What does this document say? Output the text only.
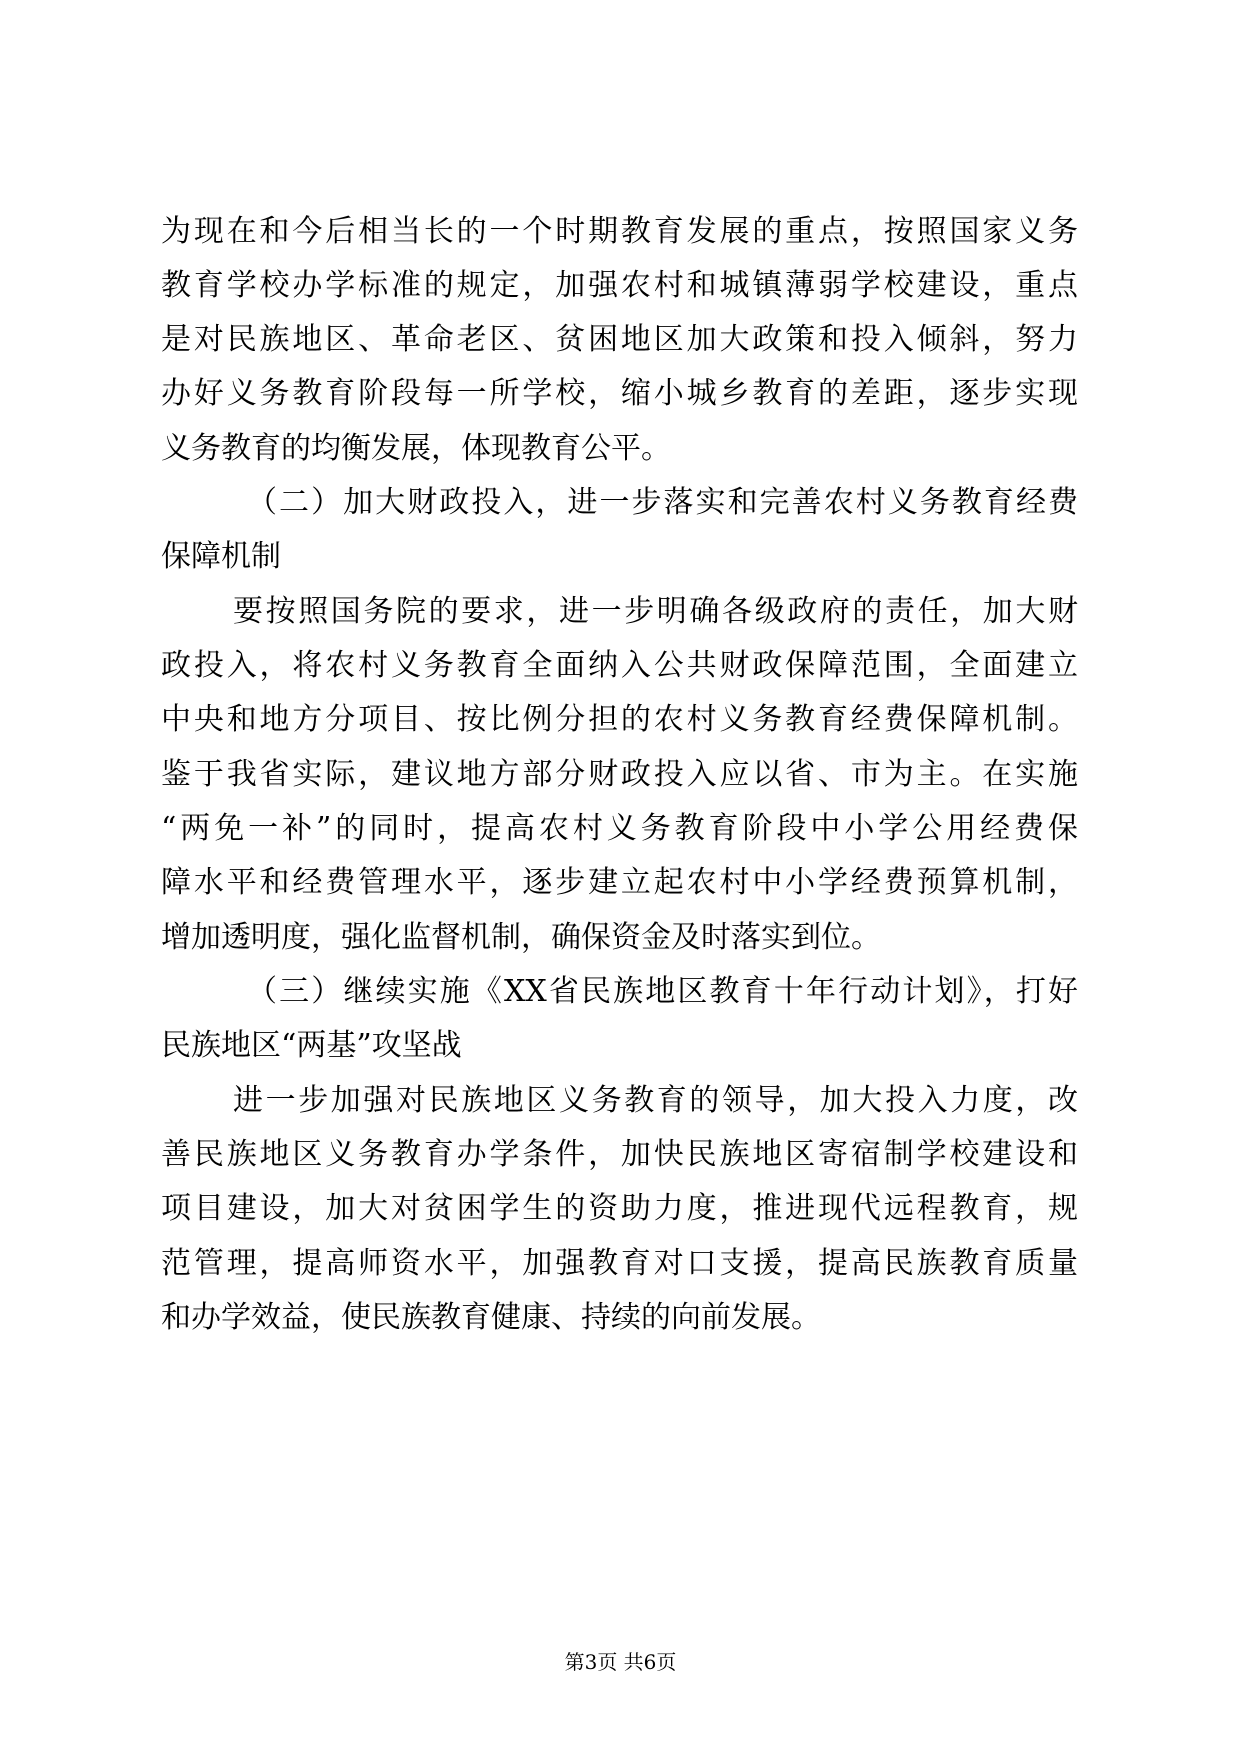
为现在和今后相当长的一个时期教育发展的重点，按照国家义务
教育学校办学标准的规定，加强农村和城镇薄弱学校建设，重点
是对民族地区、革命老区、贫困地区加大政策和投入倾斜，努力
办好义务教育阶段每一所学校，缩小城乡教育的差距，逐步实现
义务教育的均衡发展，体现教育公平。
（二）加大财政投入，进一步落实和完善农村义务教育经费
保障机制
要按照国务院的要求，进一步明确各级政府的责任，加大财
政投入，将农村义务教育全面纳入公共财政保障范围，全面建立
中央和地方分项目、按比例分担的农村义务教育经费保障机制。
鉴于我省实际，建议地方部分财政投入应以省、市为主。在实施
“两免一补”的同时，提高农村义务教育阶段中小学公用经费保
障水平和经费管理水平，逐步建立起农村中小学经费预算机制，
增加透明度，强化监督机制，确保资金及时落实到位。
（三）继续实施《XX省民族地区教育十年行动计划》，打好
民族地区“两基”攻坚战
进一步加强对民族地区义务教育的领导，加大投入力度，改
善民族地区义务教育办学条件，加快民族地区寄宿制学校建设和
项目建设，加大对贫困学生的资助力度，推进现代远程教育，规
范管理，提高师资水平，加强教育对口支援，提高民族教育质量
和办学效益，使民族教育健康、持续的向前发展。
第3页 共6页
